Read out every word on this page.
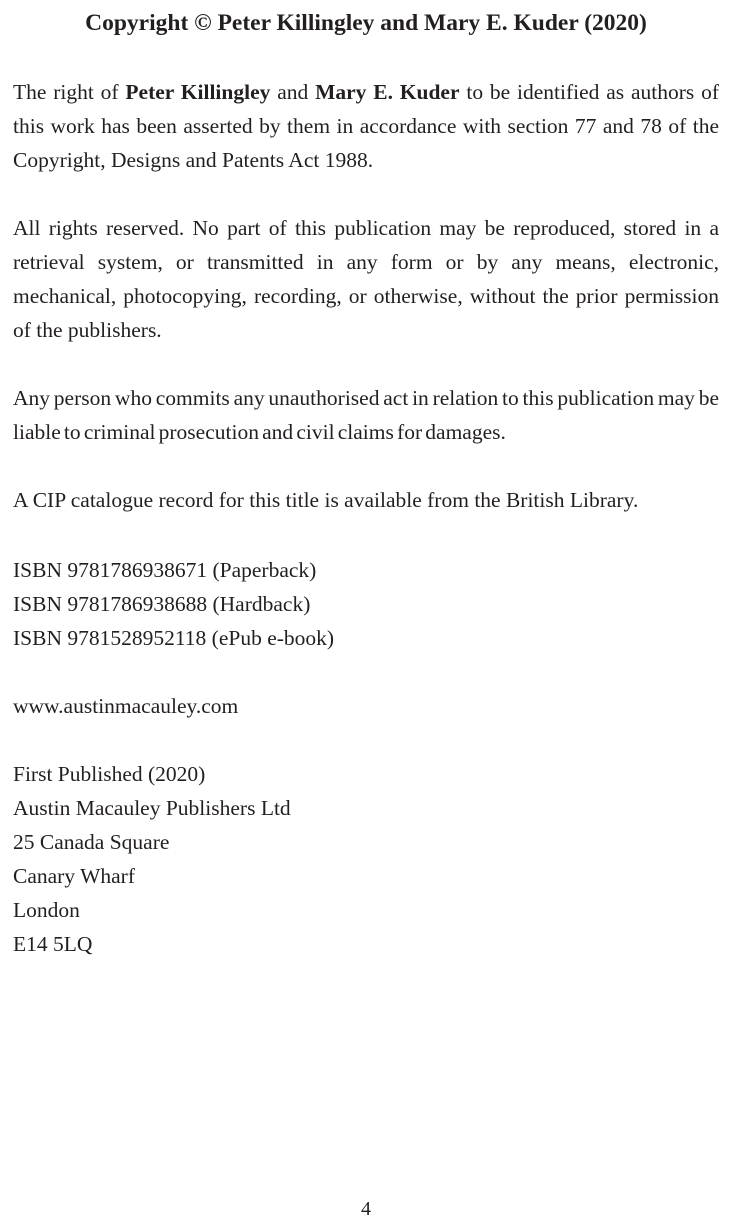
Copyright © Peter Killingley and Mary E. Kuder (2020)

The right of Peter Killingley and Mary E. Kuder to be identified as authors of this work has been asserted by them in accordance with section 77 and 78 of the Copyright, Designs and Patents Act 1988.

All rights reserved. No part of this publication may be reproduced, stored in a retrieval system, or transmitted in any form or by any means, electronic, mechanical, photocopying, recording, or otherwise, without the prior permission of the publishers.

Any person who commits any unauthorised act in relation to this publication may be liable to criminal prosecution and civil claims for damages.

A CIP catalogue record for this title is available from the British Library.

ISBN 9781786938671 (Paperback)
ISBN 9781786938688 (Hardback)
ISBN 9781528952118 (ePub e-book)

www.austinmacauley.com

First Published (2020)
Austin Macauley Publishers Ltd
25 Canada Square
Canary Wharf
London
E14 5LQ
4
